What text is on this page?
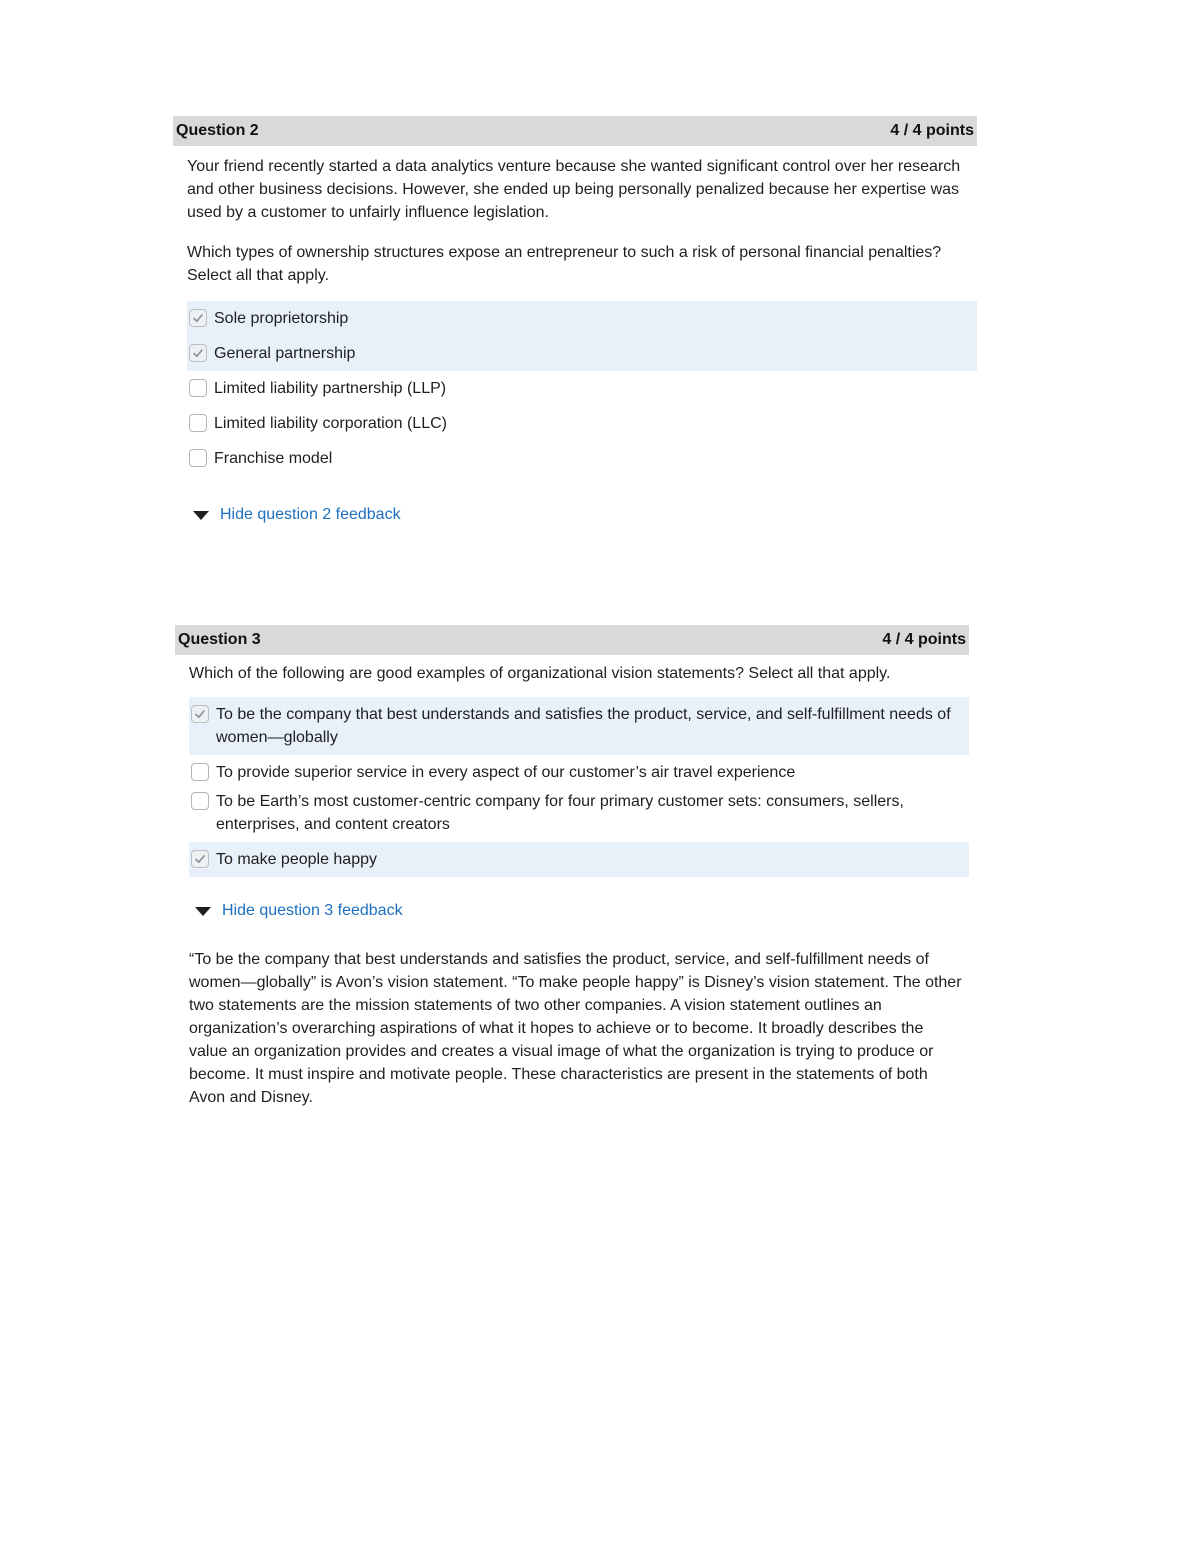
Question 2	4 / 4 points

Your friend recently started a data analytics venture because she wanted significant control over her research and other business decisions. However, she ended up being personally penalized because her expertise was used by a customer to unfairly influence legislation.

Which types of ownership structures expose an entrepreneur to such a risk of personal financial penalties? Select all that apply.

Sole proprietorship
General partnership
Limited liability partnership (LLP)
Limited liability corporation (LLC)
Franchise model
Hide question 2 feedback
Question 3	4 / 4 points

Which of the following are good examples of organizational vision statements? Select all that apply.

To be the company that best understands and satisfies the product, service, and self-fulfillment needs of women—globally
To provide superior service in every aspect of our customer’s air travel experience
To be Earth’s most customer-centric company for four primary customer sets: consumers, sellers, enterprises, and content creators
To make people happy
Hide question 3 feedback
“To be the company that best understands and satisfies the product, service, and self-fulfillment needs of women—globally” is Avon’s vision statement. “To make people happy” is Disney’s vision statement. The other two statements are the mission statements of two other companies. A vision statement outlines an organization’s overarching aspirations of what it hopes to achieve or to become. It broadly describes the value an organization provides and creates a visual image of what the organization is trying to produce or become. It must inspire and motivate people. These characteristics are present in the statements of both Avon and Disney.
